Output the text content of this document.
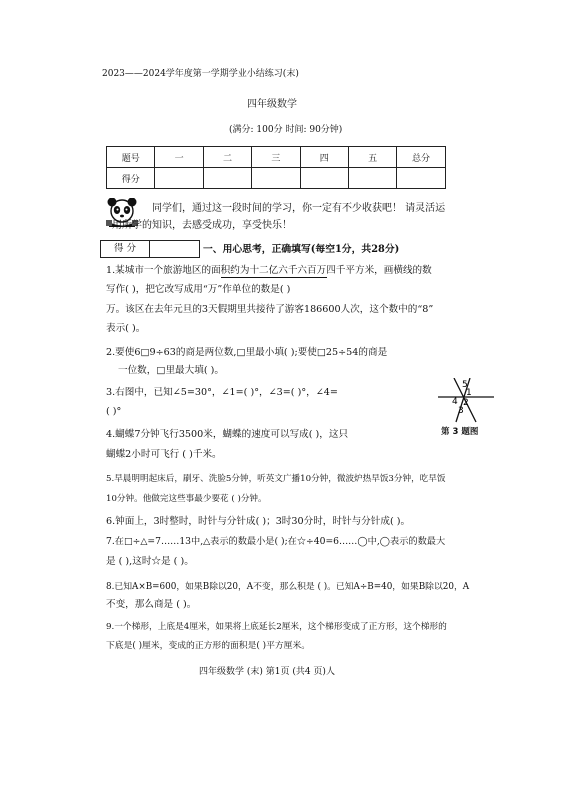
2023——2024学年度第一学期学业小结练习(末)
四年级数学
(满分: 100分 时间: 90分钟)
题号	一	二	三	四	五	总分
得分						
同学们，通过这一段时间的学习，你一定有不少收获吧！ 请灵活运
用所学的知识，去感受成功，享受快乐！
得 分	一、用心思考，正确填写(每空1分，共28分)
1.某城市一个旅游地区的面积约为十二亿六千六百万四千平方米，画横线的数
写作( )，把它改写成用“万”作单位的数是( )
万。该区在去年元旦的3天假期里共接待了游客186600人次，这个数中的“8”
表示( )。
2.要使6□9÷63的商是两位数,□里最小填( );要使□25÷54的商是
一位数，□里最大填( )。
3.右图中，已知∠5=30°，∠1=( )°，∠3=( )°，∠4=
( )°
5
1
4 2
3
第 3 题图
4.蝴蝶7分钟飞行3500米，蝴蝶的速度可以写成( )，这只
蝴蝶2小时可飞行 ( )千米。
5.早晨明明起床后，刷牙、洗脸5分钟，听英文广播10分钟，微波炉热早饭3分钟，吃早饭
10分钟。他做完这些事最少要花 ( )分钟。
6.钟面上，3时整时，时针与分针成( )；3时30分时，时针与分针成( )。
7.在□÷△=7……13中,△表示的数最小是( );在☆÷40=6……◯中,◯表示的数最大
是 ( ),这时☆是 ( )。
8.已知A×B=600，如果B除以20，A不变，那么积是 ( )。已知A÷B=40，如果B除以20，A
不变，那么商是 ( )。
9.一个梯形，上底是4厘米，如果将上底延长2厘米，这个梯形变成了正方形，这个梯形的
下底是( )厘米，变成的正方形的面积是( )平方厘米。
四年级数学 (末) 第1页 (共4 页)人
